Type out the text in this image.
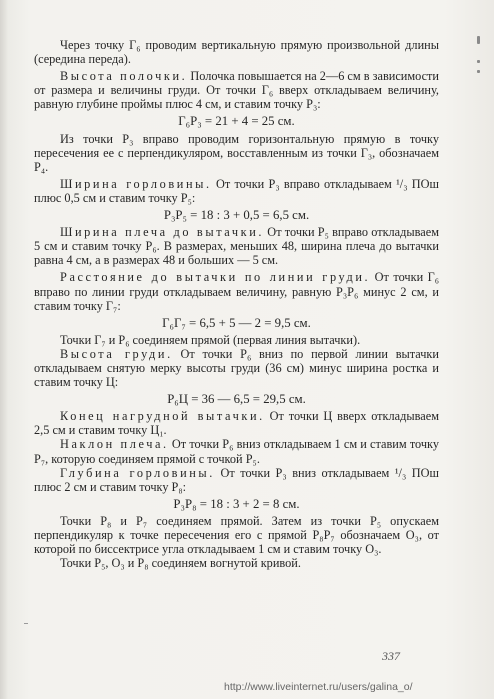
Через точку Г₆ проводим вертикальную прямую произвольной длины (середина переда).

Высота полочки. Полочка повышается на 2—6 см в зависимости от размера и величины груди. От точки Г₆ вверх откладываем величину, равную глубине проймы плюс 4 см, и ставим точку Р₃:

Г₆Р₃ = 21 + 4 = 25 см.

Из точки Р₃ вправо проводим горизонтальную прямую в точку пересечения ее с перпендикуляром, восставленным из точки Г₃, обозначаем Р₄.

Ширина горловины. От точки Р₃ вправо откладываем ¹/₃ ПОш плюс 0,5 см и ставим точку Р₅:

Р₃Р₅ = 18 : 3 + 0,5 = 6,5 см.

Ширина плеча до вытачки. От точки Р₅ вправо откладываем 5 см и ставим точку Р₆. В размерах, меньших 48, ширина плеча до вытачки равна 4 см, а в размерах 48 и больших — 5 см.

Расстояние до вытачки по линии груди. От точки Г₆ вправо по линии груди откладываем величину, равную Р₃Р₆ минус 2 см, и ставим точку Г₇:

Г₆Г₇ = 6,5 + 5 — 2 = 9,5 см.

Точки Г₇ и Р₆ соединяем прямой (первая линия вытачки).

Высота груди. От точки Р₆ вниз по первой линии вытачки откладываем снятую мерку высоты груди (36 см) минус ширина ростка и ставим точку Ц:

Р₆Ц = 36 — 6,5 = 29,5 см.

Конец нагрудной вытачки. От точки Ц вверх откладываем 2,5 см и ставим точку Ц₁.

Наклон плеча. От точки Р₆ вниз откладываем 1 см и ставим точку Р₇, которую соединяем прямой с точкой Р₅.

Глубина горловины. От точки Р₃ вниз откладываем ¹/₃ ПОш плюс 2 см и ставим точку Р₈:

Р₃Р₈ = 18 : 3 + 2 = 8 см.

Точки Р₈ и Р₇ соединяем прямой. Затем из точки Р₅ опускаем перпендикуляр к точке пересечения его с прямой Р₈Р₇ обозначаем О₃, от которой по биссектрисе угла откладываем 1 см и ставим точку О₃.

Точки Р₅, О₃ и Р₈ соединяем вогнутой кривой.

337
http://www.liveinternet.ru/users/galina_o/
